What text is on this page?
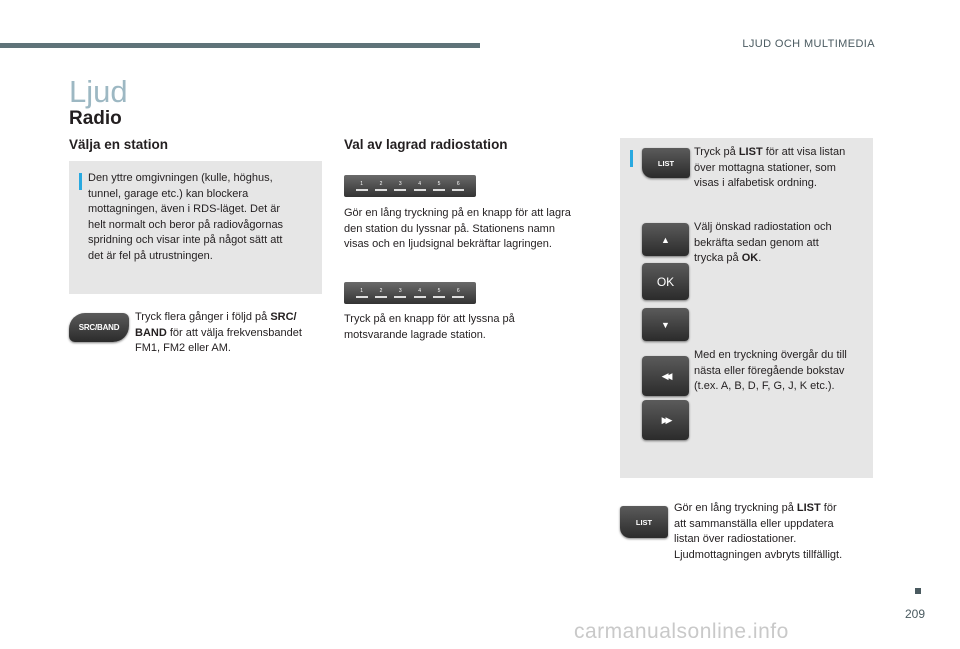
LJUD OCH MULTIMEDIA
Ljud
Radio
Välja en station
Den yttre omgivningen (kulle, höghus,
tunnel, garage etc.) kan blockera
mottagningen, även i RDS-läget. Det är
helt normalt och beror på radiovågornas
spridning och visar inte på något sätt att
det är fel på utrustningen.
SRC/BAND
Tryck flera gånger i följd på SRC/
BAND för att välja frekvensbandet
FM1, FM2 eller AM.
Val av lagrad radiostation
1	2	3	4	5	6
Gör en lång tryckning på en knapp för att lagra
den station du lyssnar på. Stationens namn
visas och en ljudsignal bekräftar lagringen.
1	2	3	4	5	6
Tryck på en knapp för att lyssna på
motsvarande lagrade station.
LIST
Tryck på LIST för att visa listan
över mottagna stationer, som
visas i alfabetisk ordning.
▲
OK
▼
Välj önskad radiostation och
bekräfta sedan genom att
trycka på OK.
◀◀
▶▶
Med en tryckning övergår du till
nästa eller föregående bokstav
(t.ex. A, B, D, F, G, J, K etc.).
LIST
Gör en lång tryckning på LIST för
att sammanställa eller uppdatera
listan över radiostationer.
Ljudmottagningen avbryts tillfälligt.
209
carmanualsonline.info
